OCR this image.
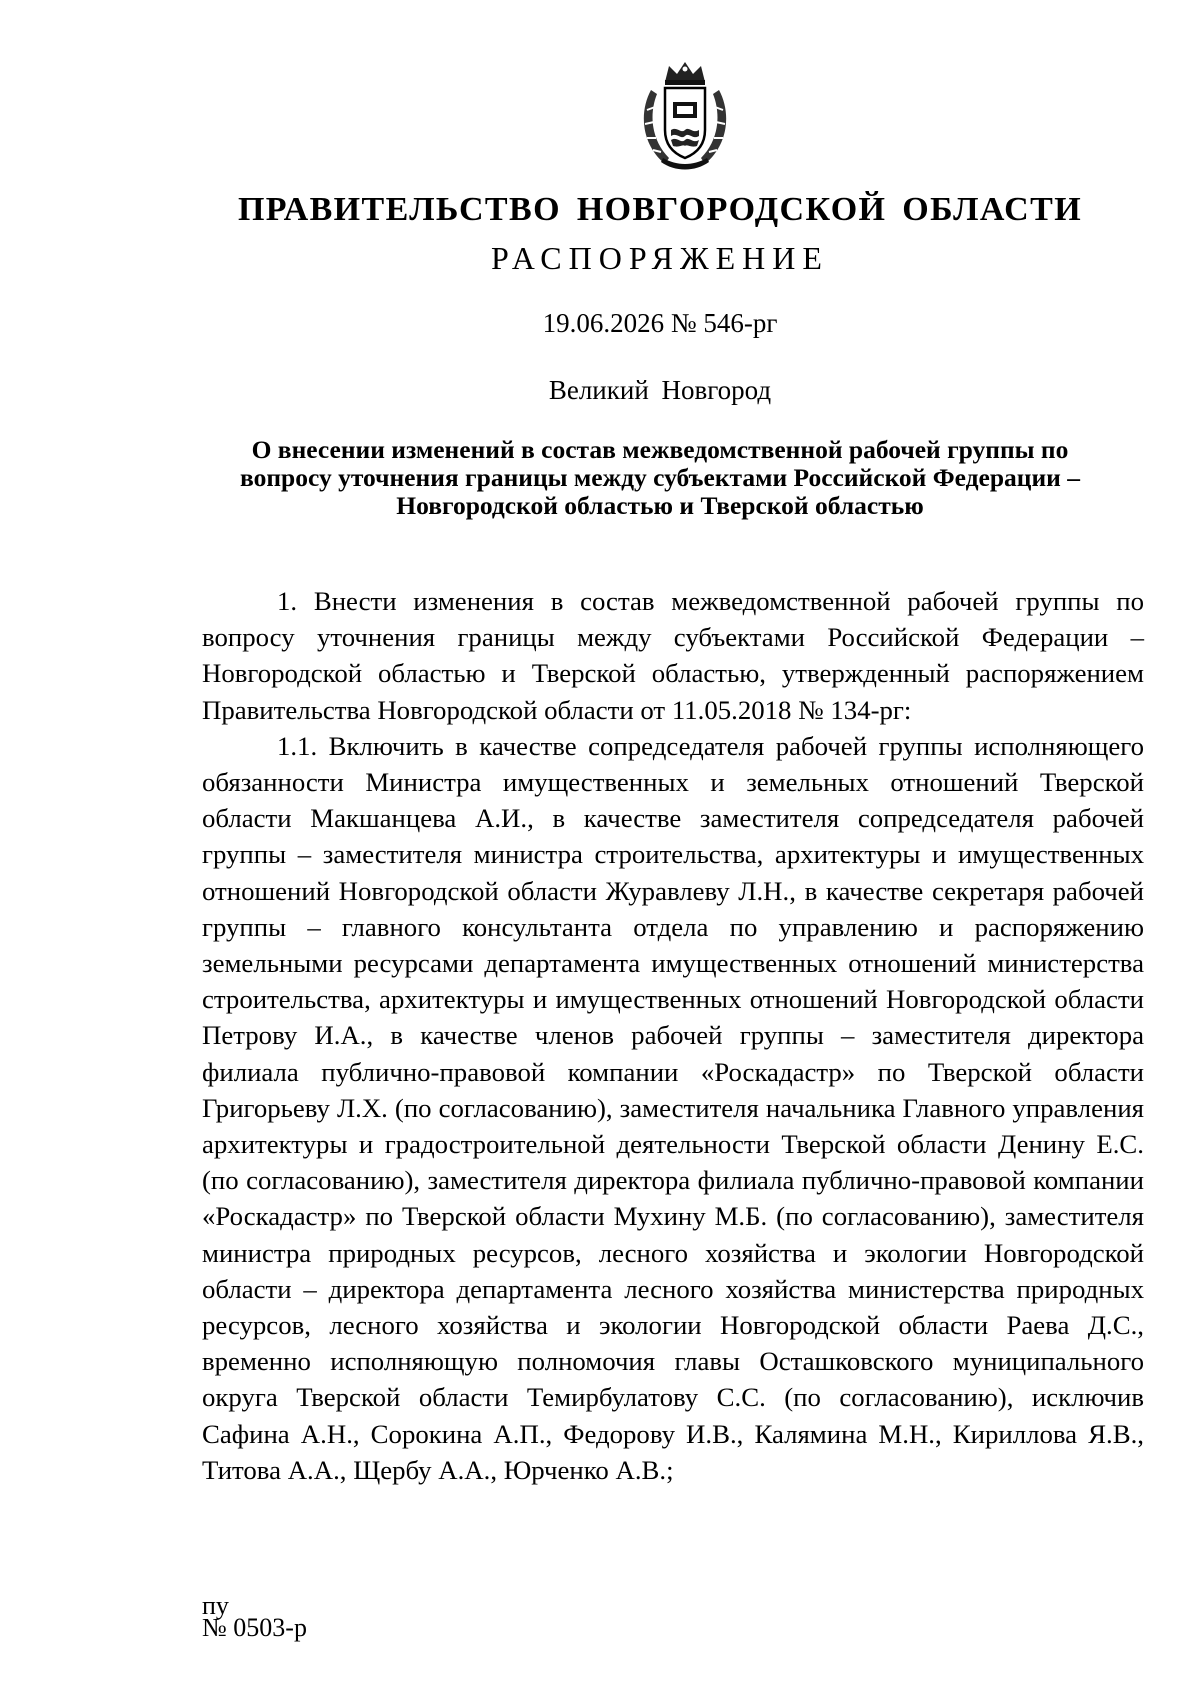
ПРАВИТЕЛЬСТВО НОВГОРОДСКОЙ ОБЛАСТИ
РАСПОРЯЖЕНИЕ
19.06.2026 № 546-рг
Великий Новгород
О внесении изменений в состав межведомственной рабочей группы по
вопросу уточнения границы между субъектами Российской Федерации –
Новгородской областью и Тверской областью

1. Внести изменения в состав межведомственной рабочей группы по вопросу уточнения границы между субъектами Российской Федерации – Новгородской областью и Тверской областью, утвержденный распоряжением Правительства Новгородской области от 11.05.2018 № 134-рг:

1.1. Включить в качестве сопредседателя рабочей группы исполняющего обязанности Министра имущественных и земельных отношений Тверской области Макшанцева А.И., в качестве заместителя сопредседателя рабочей группы – заместителя министра строительства, архитектуры и имущественных отношений Новгородской области Журавлеву Л.Н., в качестве секретаря рабочей группы – главного консультанта отдела по управлению и распоряжению земельными ресурсами департамента имущественных отношений министерства строительства, архитектуры и имущественных отношений Новгородской области Петрову И.А., в качестве членов рабочей группы – заместителя директора филиала публично-правовой компании «Роскадастр» по Тверской области Григорьеву Л.Х. (по согласованию), заместителя начальника Главного управления архитектуры и градостроительной деятельности Тверской области Денину Е.С. (по согласованию), заместителя директора филиала публично-правовой компании «Роскадастр» по Тверской области Мухину М.Б. (по согласованию), заместителя министра природных ресурсов, лесного хозяйства и экологии Новгородской области – директора департамента лесного хозяйства министерства природных ресурсов, лесного хозяйства и экологии Новгородской области Раева Д.С., временно исполняющую полномочия главы Осташковского муниципального округа Тверской области Темирбулатову С.С. (по согласованию), исключив Сафина А.Н., Сорокина А.П., Федорову И.В., Калямина М.Н., Кириллова Я.В., Титова А.А., Щербу А.А., Юрченко А.В.;

пу
№ 0503-р
